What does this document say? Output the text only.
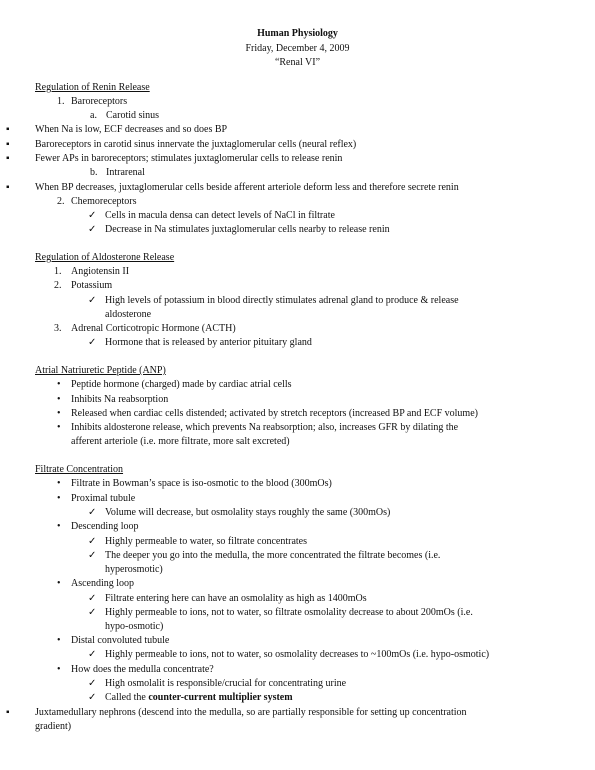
Human Physiology
Friday, December 4, 2009
“Renal VI”
Regulation of Renin Release
1. Baroreceptors
a. Carotid sinus
▪	When Na is low, ECF decreases and so does BP
▪	Baroreceptors in carotid sinus innervate the juxtaglomerular cells (neural reflex)
▪	Fewer APs in baroreceptors; stimulates juxtaglomerular cells to release renin
b. Intrarenal
▪	When BP decreases, juxtaglomerular cells beside afferent arteriole deform less and therefore secrete renin
2. Chemoreceptors
✓ Cells in macula densa can detect levels of NaCl in filtrate
✓ Decrease in Na stimulates juxtaglomerular cells nearby to release renin
Regulation of Aldosterone Release
1. Angiotensin II
2. Potassium
✓ High levels of potassium in blood directly stimulates adrenal gland to produce & release
aldosterone
3. Adrenal Corticotropic Hormone (ACTH)
✓ Hormone that is released by anterior pituitary gland
Atrial Natriuretic Peptide (ANP)
• Peptide hormone (charged) made by cardiac atrial cells
• Inhibits Na reabsorption
• Released when cardiac cells distended; activated by stretch receptors (increased BP and ECF volume)
• Inhibits aldosterone release, which prevents Na reabsorption; also, increases GFR by dilating the
afferent arteriole (i.e. more filtrate, more salt excreted)
Filtrate Concentration
• Filtrate in Bowman’s space is iso-osmotic to the blood (300mOs)
• Proximal tubule
✓ Volume will decrease, but osmolality stays roughly the same (300mOs)
• Descending loop
✓ Highly permeable to water, so filtrate concentrates
✓ The deeper you go into the medulla, the more concentrated the filtrate becomes (i.e.
hyperosmotic)
• Ascending loop
✓ Filtrate entering here can have an osmolality as high as 1400mOs
✓ Highly permeable to ions, not to water, so filtrate osmolality decrease to about 200mOs (i.e.
hypo-osmotic)
• Distal convoluted tubule
✓ Highly permeable to ions, not to water, so osmolality decreases to ~100mOs (i.e. hypo-osmotic)
• How does the medulla concentrate?
✓ High osmolalit is responsible/crucial for concentrating urine
✓ Called the counter-current multiplier system
▪	Juxtamedullary nephrons (descend into the medulla, so are partially responsible for setting up concentration
gradient)
